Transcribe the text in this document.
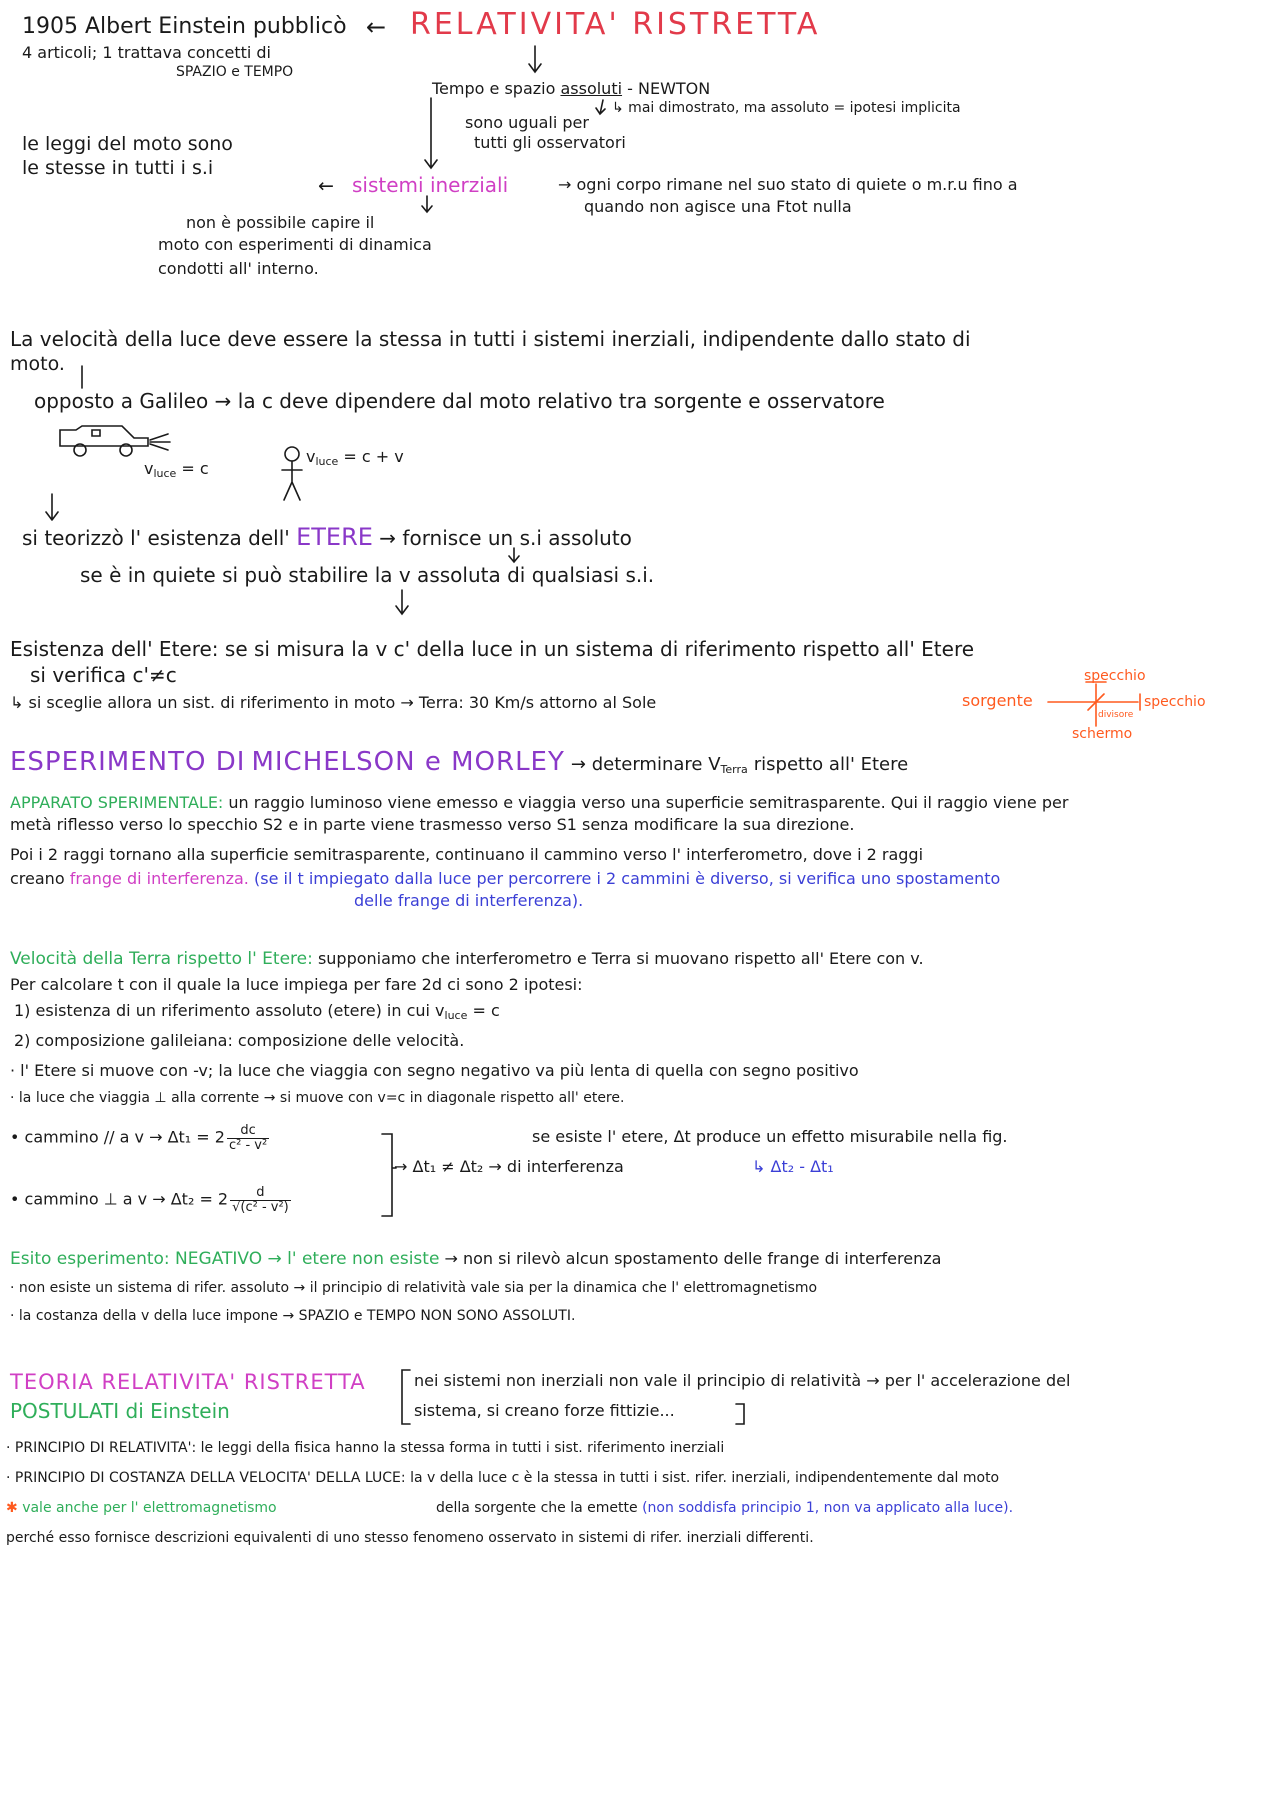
1905 Albert Einstein pubblicò ← RELATIVITA' RISTRETTA
4 articoli; 1 trattava concetti di
SPAZIO e TEMPO
Tempo e spazio assoluti - NEWTON
↳ mai dimostrato, ma assoluto = ipotesi implicita
sono uguali per
tutti gli osservatori
le leggi del moto sono
le stesse in tutti i s.i
← sistemi inerziali	→ ogni corpo rimane nel suo stato di quiete o m.r.u fino a
quando non agisce una Ftot nulla
non è possibile capire il
moto con esperimenti di dinamica
condotti all' interno.
La velocità della luce deve essere la stessa in tutti i sistemi inerziali, indipendente dallo stato di
moto.
opposto a Galileo → la c deve dipendere dal moto relativo tra sorgente e osservatore
$v_{luce} = c$
$v_{luce} = c + v$
si teorizzò l' esistenza dell' ETERE → fornisce un s.i assoluto
se è in quiete si può stabilire la v assoluta di qualsiasi s.i.
Esistenza dell' Etere: se si misura la v c' della luce in un sistema di riferimento rispetto all' Etere
si verifica c'≠c
↳ si sceglie allora un sist. di riferimento in moto → Terra: 30 Km/s attorno al Sole
specchio
sorgente	specchio
divisore
schermo
ESPERIMENTO DI MICHELSON e MORLEY → determinare $V_{Terra}$ rispetto all' Etere
APPARATO SPERIMENTALE: un raggio luminoso viene emesso e viaggia verso una superficie semitrasparente. Qui il raggio viene per
metà riflesso verso lo specchio S2 e in parte viene trasmesso verso S1 senza modificare la sua direzione.
Poi i 2 raggi tornano alla superficie semitrasparente, continuano il cammino verso l' interferometro, dove i 2 raggi
creano frange di interferenza. (se il t impiegato dalla luce per percorrere i 2 cammini è diverso, si verifica uno spostamento
delle frange di interferenza).
Velocità della Terra rispetto l' Etere: supponiamo che interferometro e Terra si muovano rispetto all' Etere con v.
Per calcolare t con il quale la luce impiega per fare 2d ci sono 2 ipotesi:
1) esistenza di un riferimento assoluto (etere) in cui $v_{luce} = c$
2) composizione galileiana: composizione delle velocità.
· l' Etere si muove con -v; la luce che viaggia con segno negativo va più lenta di quella con segno positivo
· la luce che viaggia ⊥ alla corrente → si muove con v=c in diagonale rispetto all' etere.
• cammino // a $v \to \Delta t_1 = 2 \frac{dc}{\text{c² - v²}}$
• cammino ⊥ a $v \to \Delta t_2 = 2 \frac{d}{\text{√(c² - v²)}}$
→ Δt₁ ≠ Δt₂ → di interferenza
se esiste l' etere, Δt produce un effetto misurabile nella fig.
↳ Δt₂ - Δt₁
Esito esperimento: NEGATIVO → l' etere non esiste → non si rilevò alcun spostamento delle frange di interferenza
· non esiste un sistema di rifer. assoluto → il principio di relatività vale sia per la dinamica che l' elettromagnetismo
· la costanza della v della luce impone → SPAZIO e TEMPO NON SONO ASSOLUTI.
TEORIA RELATIVITA' RISTRETTA
POSTULATI di Einstein
nei sistemi non inerziali non vale il principio di relatività → per l' accelerazione del
sistema, si creano forze fittizie...
· PRINCIPIO DI RELATIVITA': le leggi della fisica hanno la stessa forma in tutti i sist. riferimento inerziali
· PRINCIPIO DI COSTANZA DELLA VELOCITA' DELLA LUCE: la v della luce c è la stessa in tutti i sist. rifer. inerziali, indipendentemente dal moto
✱ vale anche per l' elettromagnetismo	della sorgente che la emette (non soddisfa principio 1, non va applicato alla luce).
perché esso fornisce descrizioni equivalenti di uno stesso fenomeno osservato in sistemi di rifer. inerziali differenti.
